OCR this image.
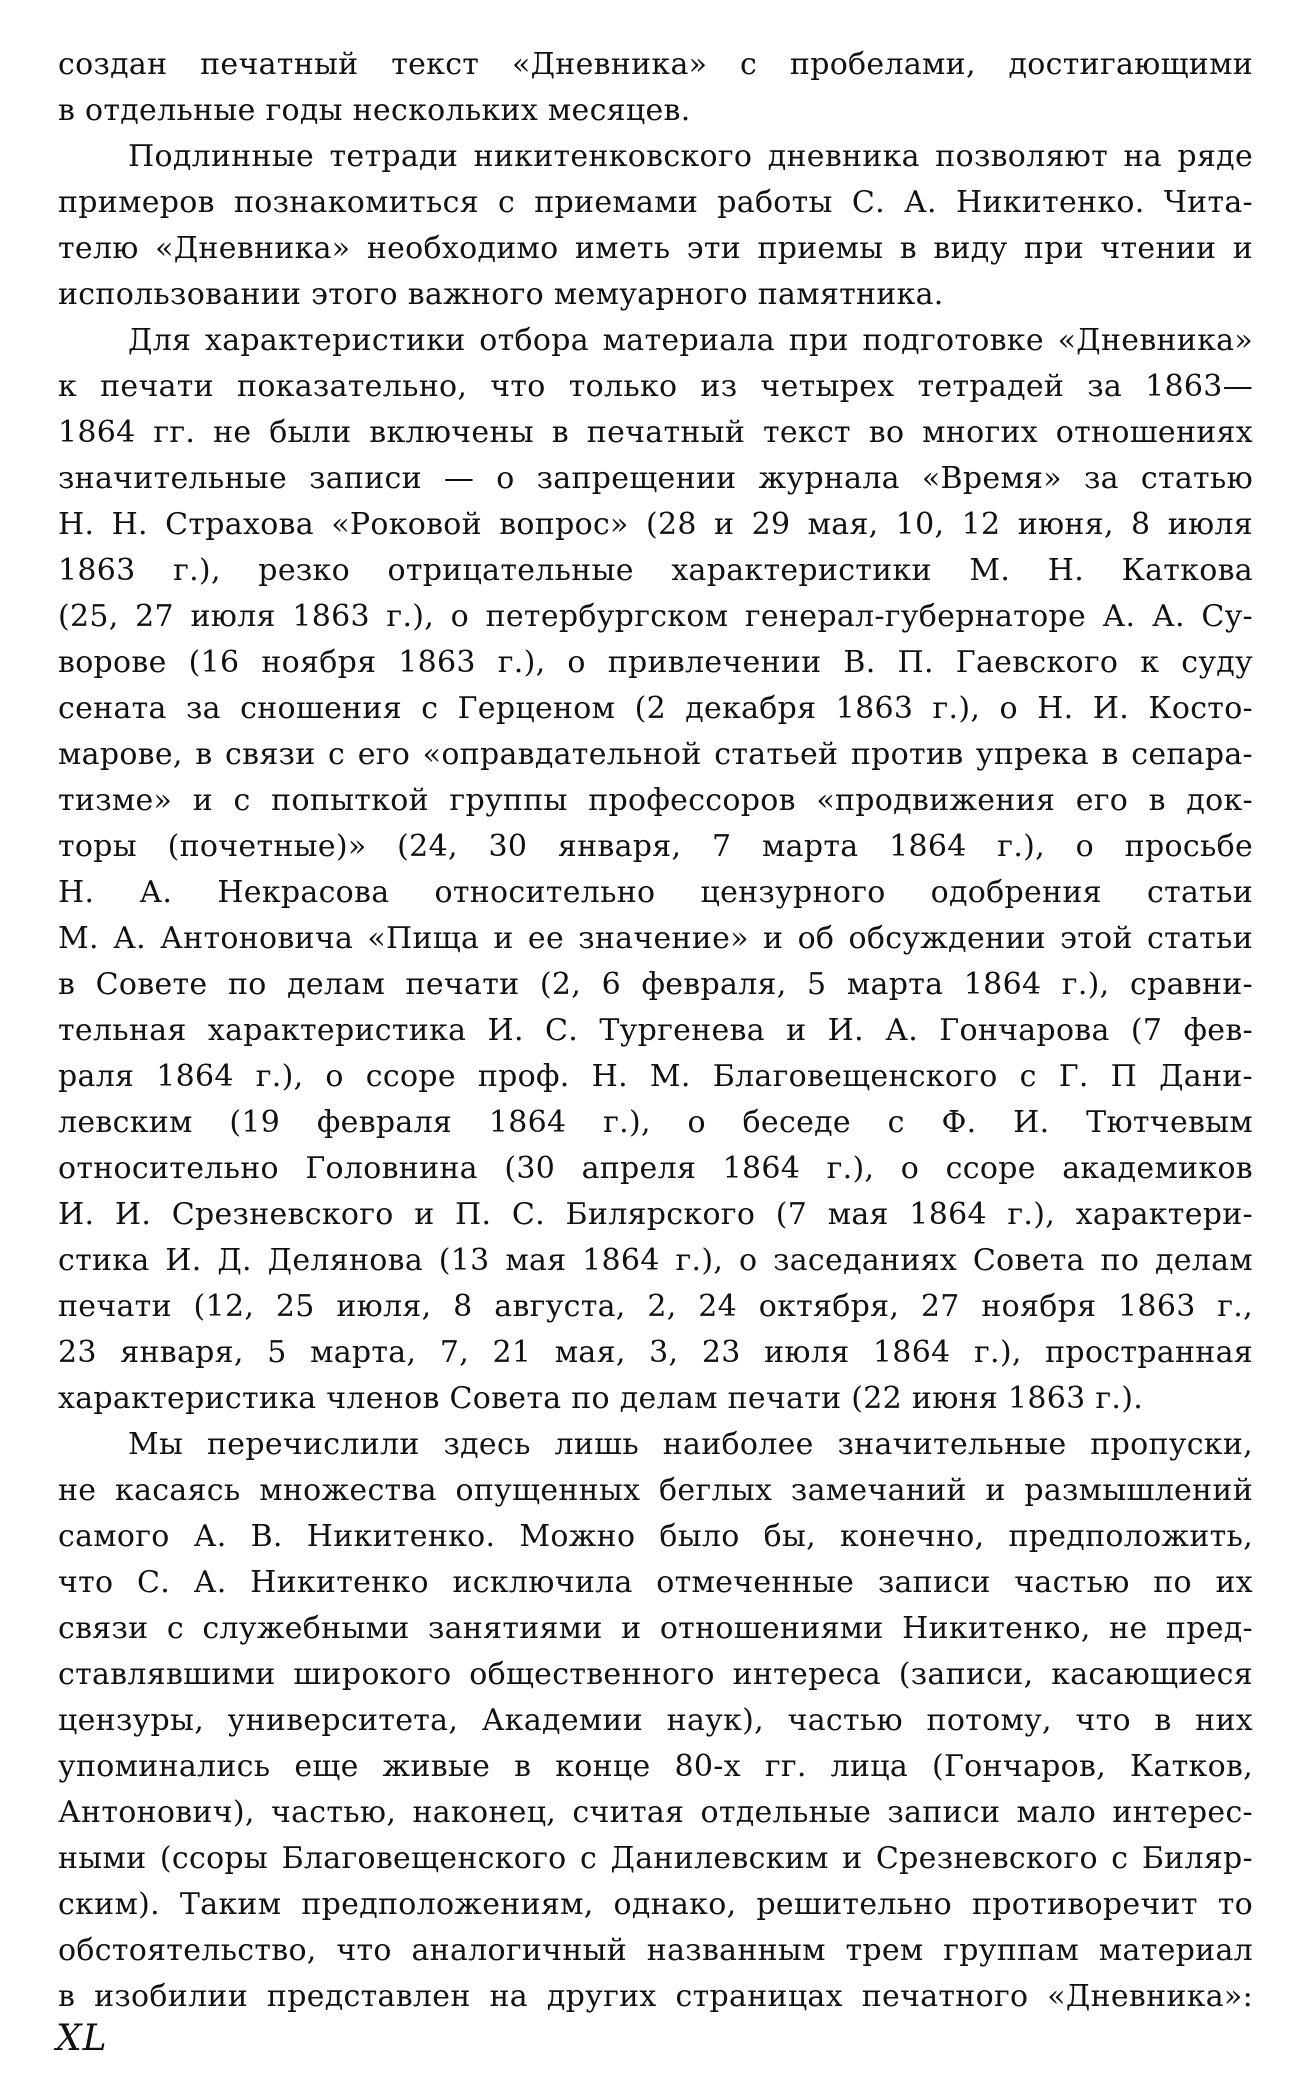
создан печатный текст «Дневника» с пробелами, достигающими
в отдельные годы нескольких месяцев.
Подлинные тетради никитенковского дневника позволяют на ряде
примеров познакомиться с приемами работы С. А. Никитенко. Чита-
телю «Дневника» необходимо иметь эти приемы в виду при чтении и
использовании этого важного мемуарного памятника.
Для характеристики отбора материала при подготовке «Дневника»
к печати показательно, что только из четырех тетрадей за 1863—
1864 гг. не были включены в печатный текст во многих отношениях
значительные записи — о запрещении журнала «Время» за статью
Н. Н. Страхова «Роковой вопрос» (28 и 29 мая, 10, 12 июня, 8 июля
1863 г.), резко отрицательные характеристики М. Н. Каткова
(25, 27 июля 1863 г.), о петербургском генерал-губернаторе А. А. Су-
ворове (16 ноября 1863 г.), о привлечении В. П. Гаевского к суду
сената за сношения с Герценом (2 декабря 1863 г.), о Н. И. Косто-
марове, в связи с его «оправдательной статьей против упрека в сепара-
тизме» и с попыткой группы профессоров «продвижения его в док-
торы (почетные)» (24, 30 января, 7 марта 1864 г.), о просьбе
Н. А. Некрасова относительно цензурного одобрения статьи
М. А. Антоновича «Пища и ее значение» и об обсуждении этой статьи
в Совете по делам печати (2, 6 февраля, 5 марта 1864 г.), сравни-
тельная характеристика И. С. Тургенева и И. А. Гончарова (7 фев-
раля 1864 г.), о ссоре проф. Н. М. Благовещенского с Г. П Дани-
левским (19 февраля 1864 г.), о беседе с Ф. И. Тютчевым
относительно Головнина (30 апреля 1864 г.), о ссоре академиков
И. И. Срезневского и П. С. Билярского (7 мая 1864 г.), характери-
стика И. Д. Делянова (13 мая 1864 г.), о заседаниях Совета по делам
печати (12, 25 июля, 8 августа, 2, 24 октября, 27 ноября 1863 г.,
23 января, 5 марта, 7, 21 мая, 3, 23 июля 1864 г.), пространная
характеристика членов Совета по делам печати (22 июня 1863 г.).
Мы перечислили здесь лишь наиболее значительные пропуски,
не касаясь множества опущенных беглых замечаний и размышлений
самого А. В. Никитенко. Можно было бы, конечно, предположить,
что С. А. Никитенко исключила отмеченные записи частью по их
связи с служебными занятиями и отношениями Никитенко, не пред-
ставлявшими широкого общественного интереса (записи, касающиеся
цензуры, университета, Академии наук), частью потому, что в них
упоминались еще живые в конце 80-х гг. лица (Гончаров, Катков,
Антонович), частью, наконец, считая отдельные записи мало интерес-
ными (ссоры Благовещенского с Данилевским и Срезневского с Биляр-
ским). Таким предположениям, однако, решительно противоречит то
обстоятельство, что аналогичный названным трем группам материал
в изобилии представлен на других страницах печатного «Дневника»:
XL
